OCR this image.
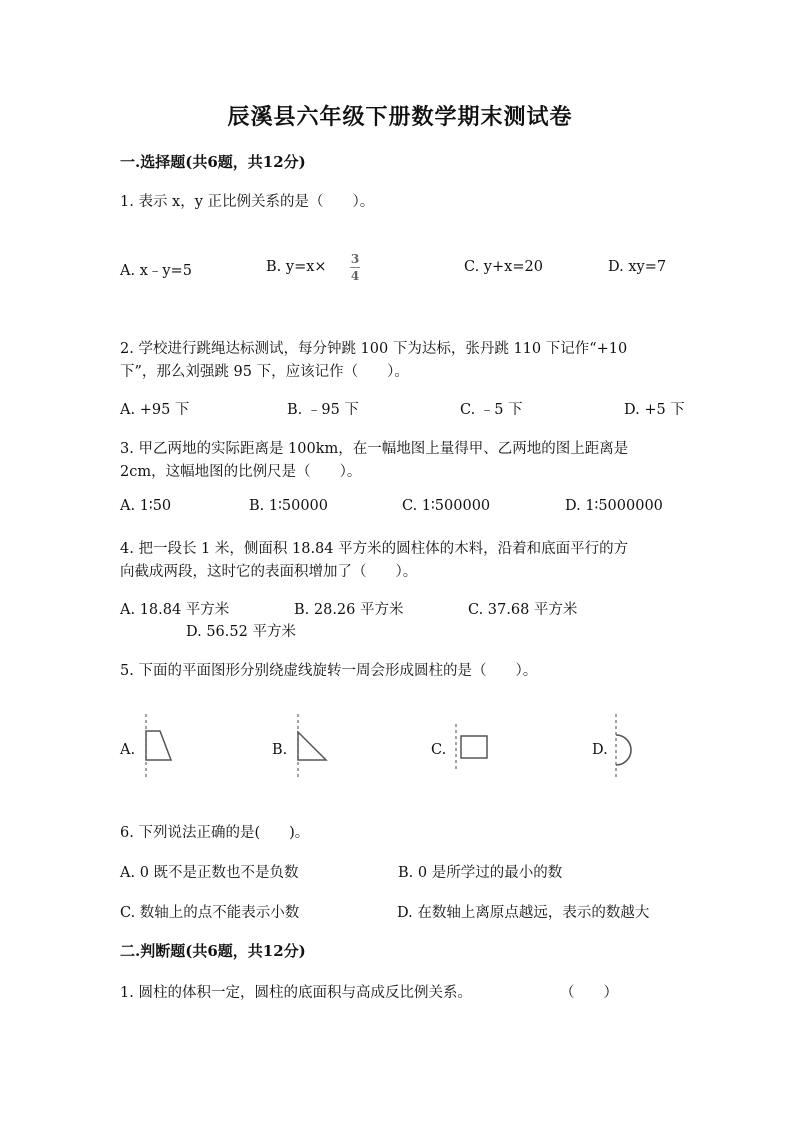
辰溪县六年级下册数学期末测试卷
一.选择题(共6题，共12分)
1. 表示 x，y 正比例关系的是（　　）。
A. x﹣y=5	B. y=x×	3
4
C. y+x=20	D. xy=7
2. 学校进行跳绳达标测试，每分钟跳 100 下为达标，张丹跳 110 下记作“+10
下”，那么刘强跳 95 下，应该记作（　　）。
A. +95 下	B. ﹣95 下	C. ﹣5 下	D. +5 下
3. 甲乙两地的实际距离是 100km，在一幅地图上量得甲、乙两地的图上距离是
2cm，这幅地图的比例尺是（　　）。
A. 1∶50	B. 1∶50000	C. 1∶500000	D. 1∶5000000
4. 把一段长 1 米，侧面积 18.84 平方米的圆柱体的木料，沿着和底面平行的方
向截成两段，这时它的表面积增加了（　　）。
A. 18.84 平方米	B. 28.26 平方米	C. 37.68 平方米
D. 56.52 平方米
5. 下面的平面图形分别绕虚线旋转一周会形成圆柱的是（　　）。
A.	B.	C.	D.
6. 下列说法正确的是(　　)。
A. 0 既不是正数也不是负数	B. 0 是所学过的最小的数
C. 数轴上的点不能表示小数	D. 在数轴上离原点越远，表示的数越大
二.判断题(共6题，共12分)
1. 圆柱的体积一定，圆柱的底面积与高成反比例关系。	（　　）
